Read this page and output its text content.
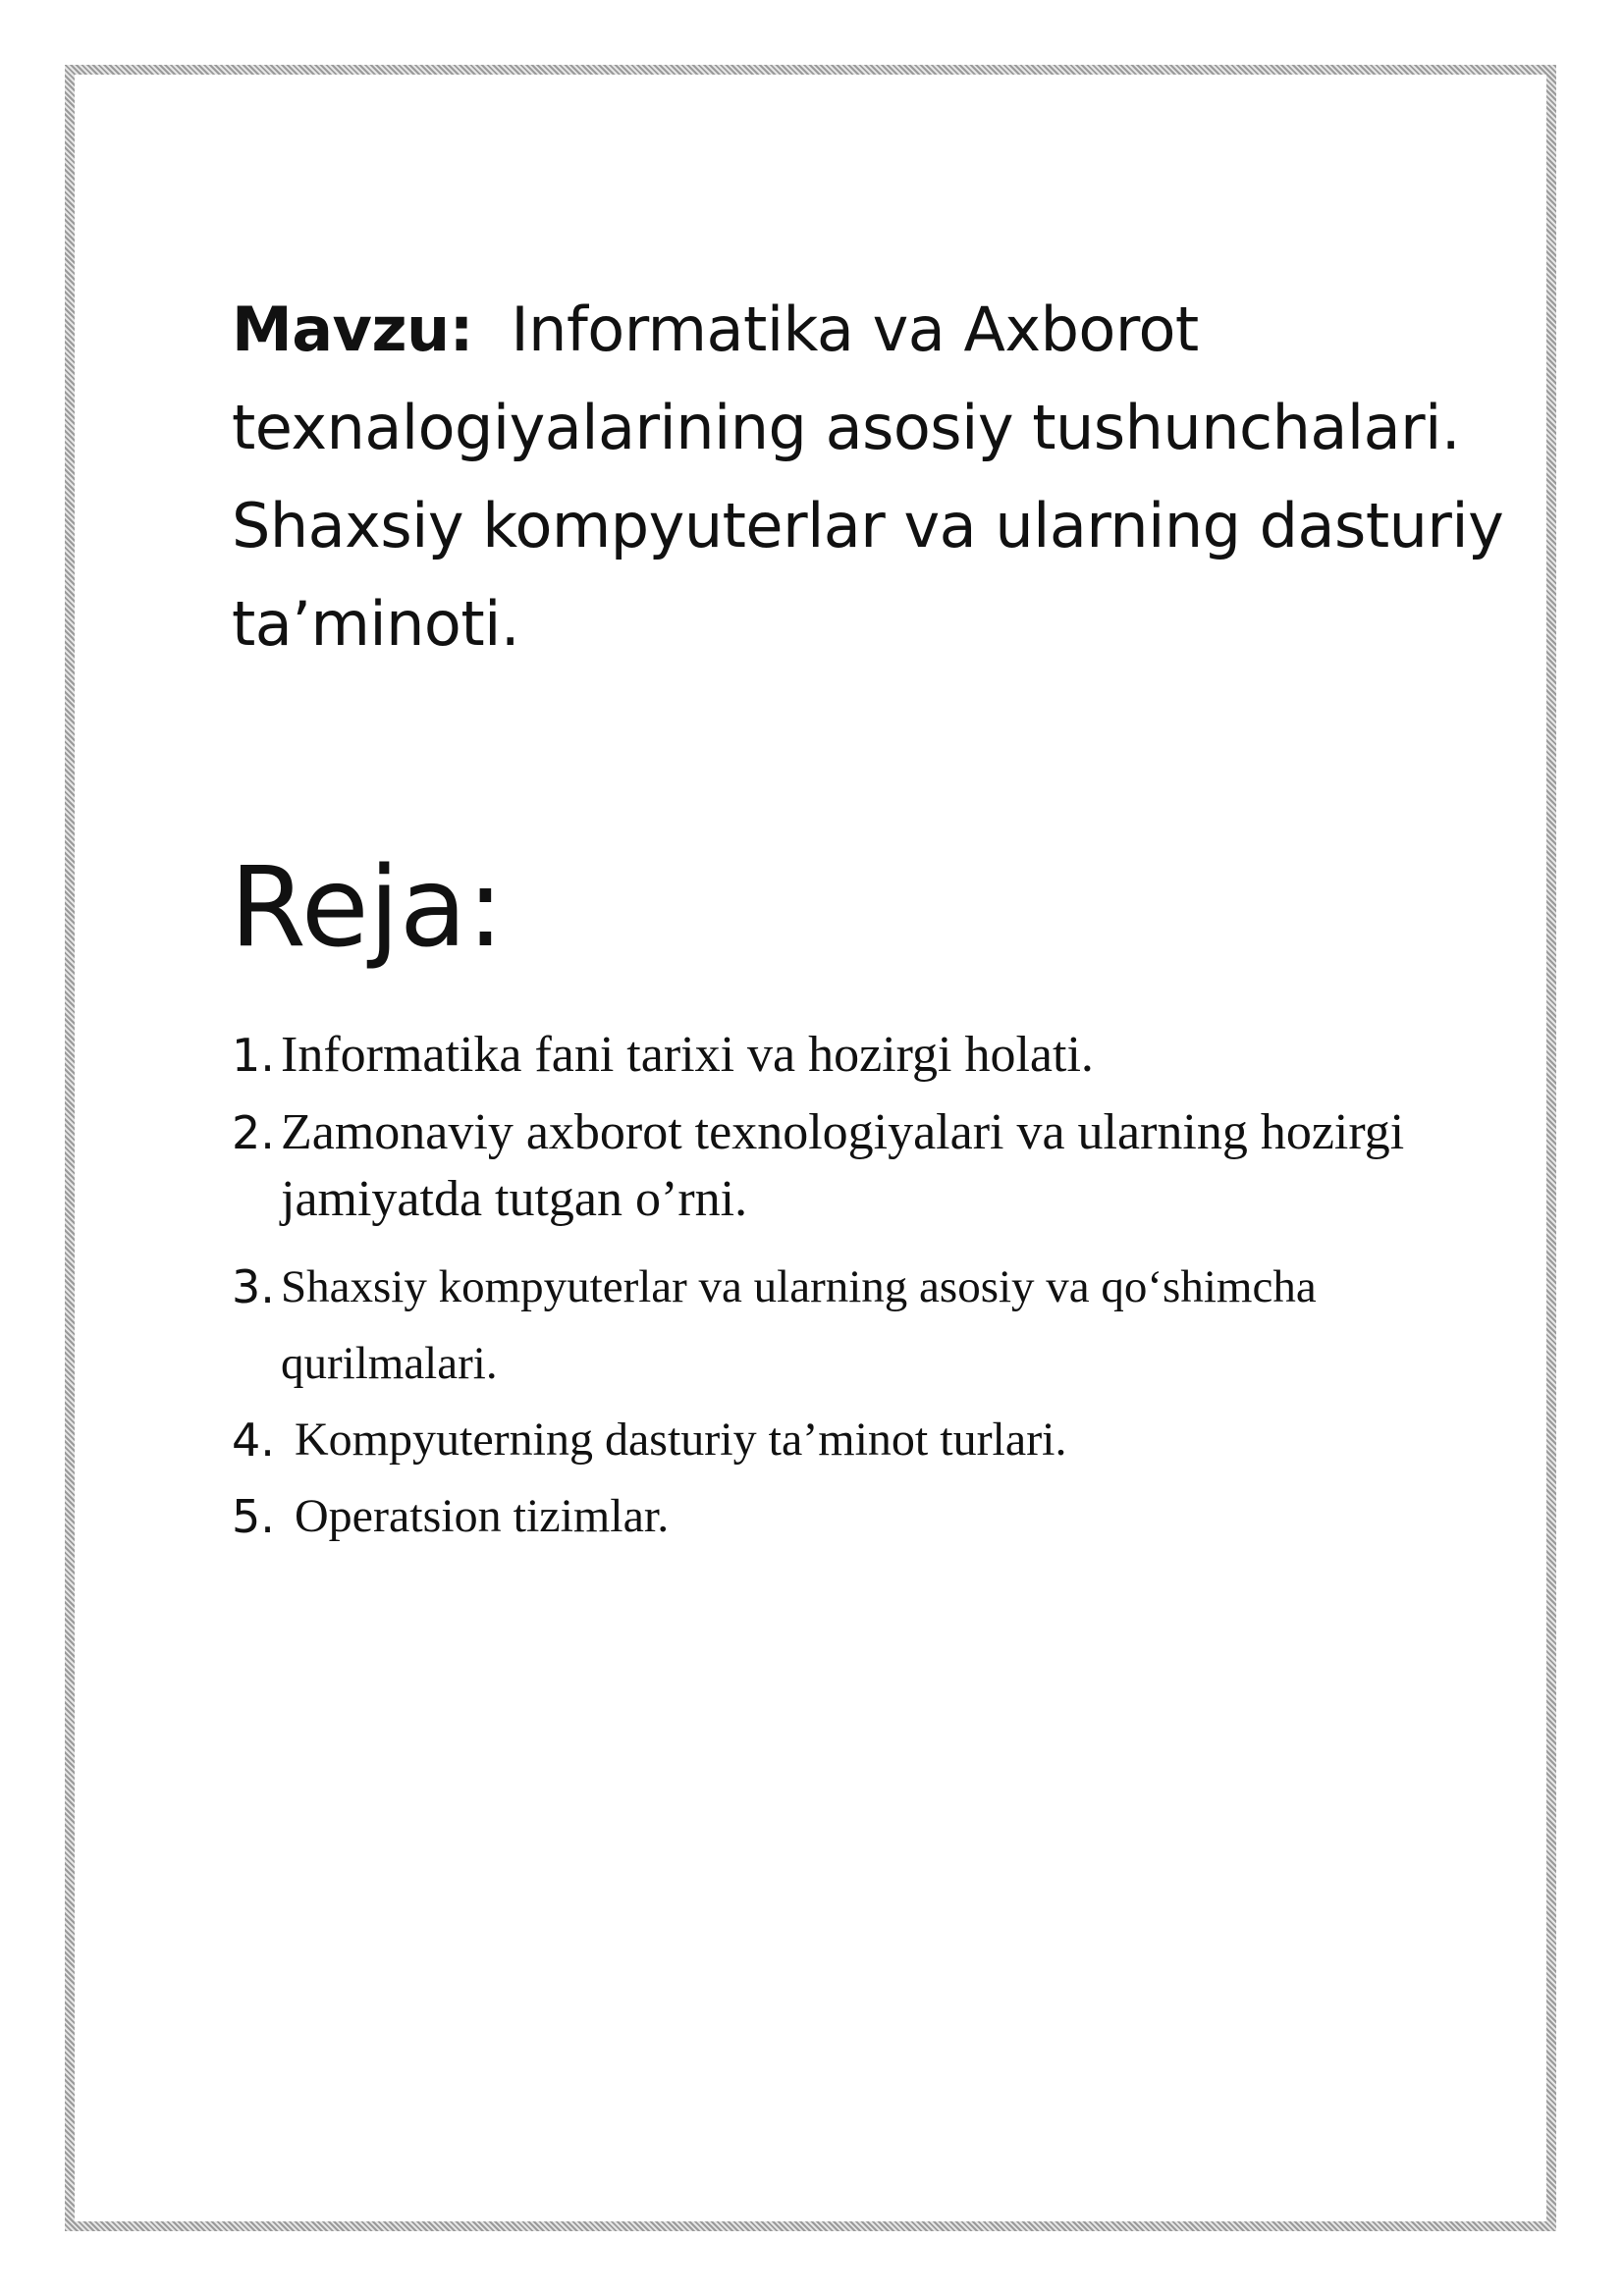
Mavzu: Informatika va Axborot texnalogiyalarining asosiy tushunchalari. Shaxsiy kompyuterlar va ularning dasturiy ta’minoti.
Reja:
1. Informatika fani tarixi va hozirgi holati.
2. Zamonaviy axborot texnologiyalari va ularning hozirgi jamiyatda tutgan o’rni.
3. Shaxsiy kompyuterlar va ularning asosiy va qo‘shimcha qurilmalari.
4. Kompyuterning dasturiy ta’minot turlari.
5. Operatsion tizimlar.
